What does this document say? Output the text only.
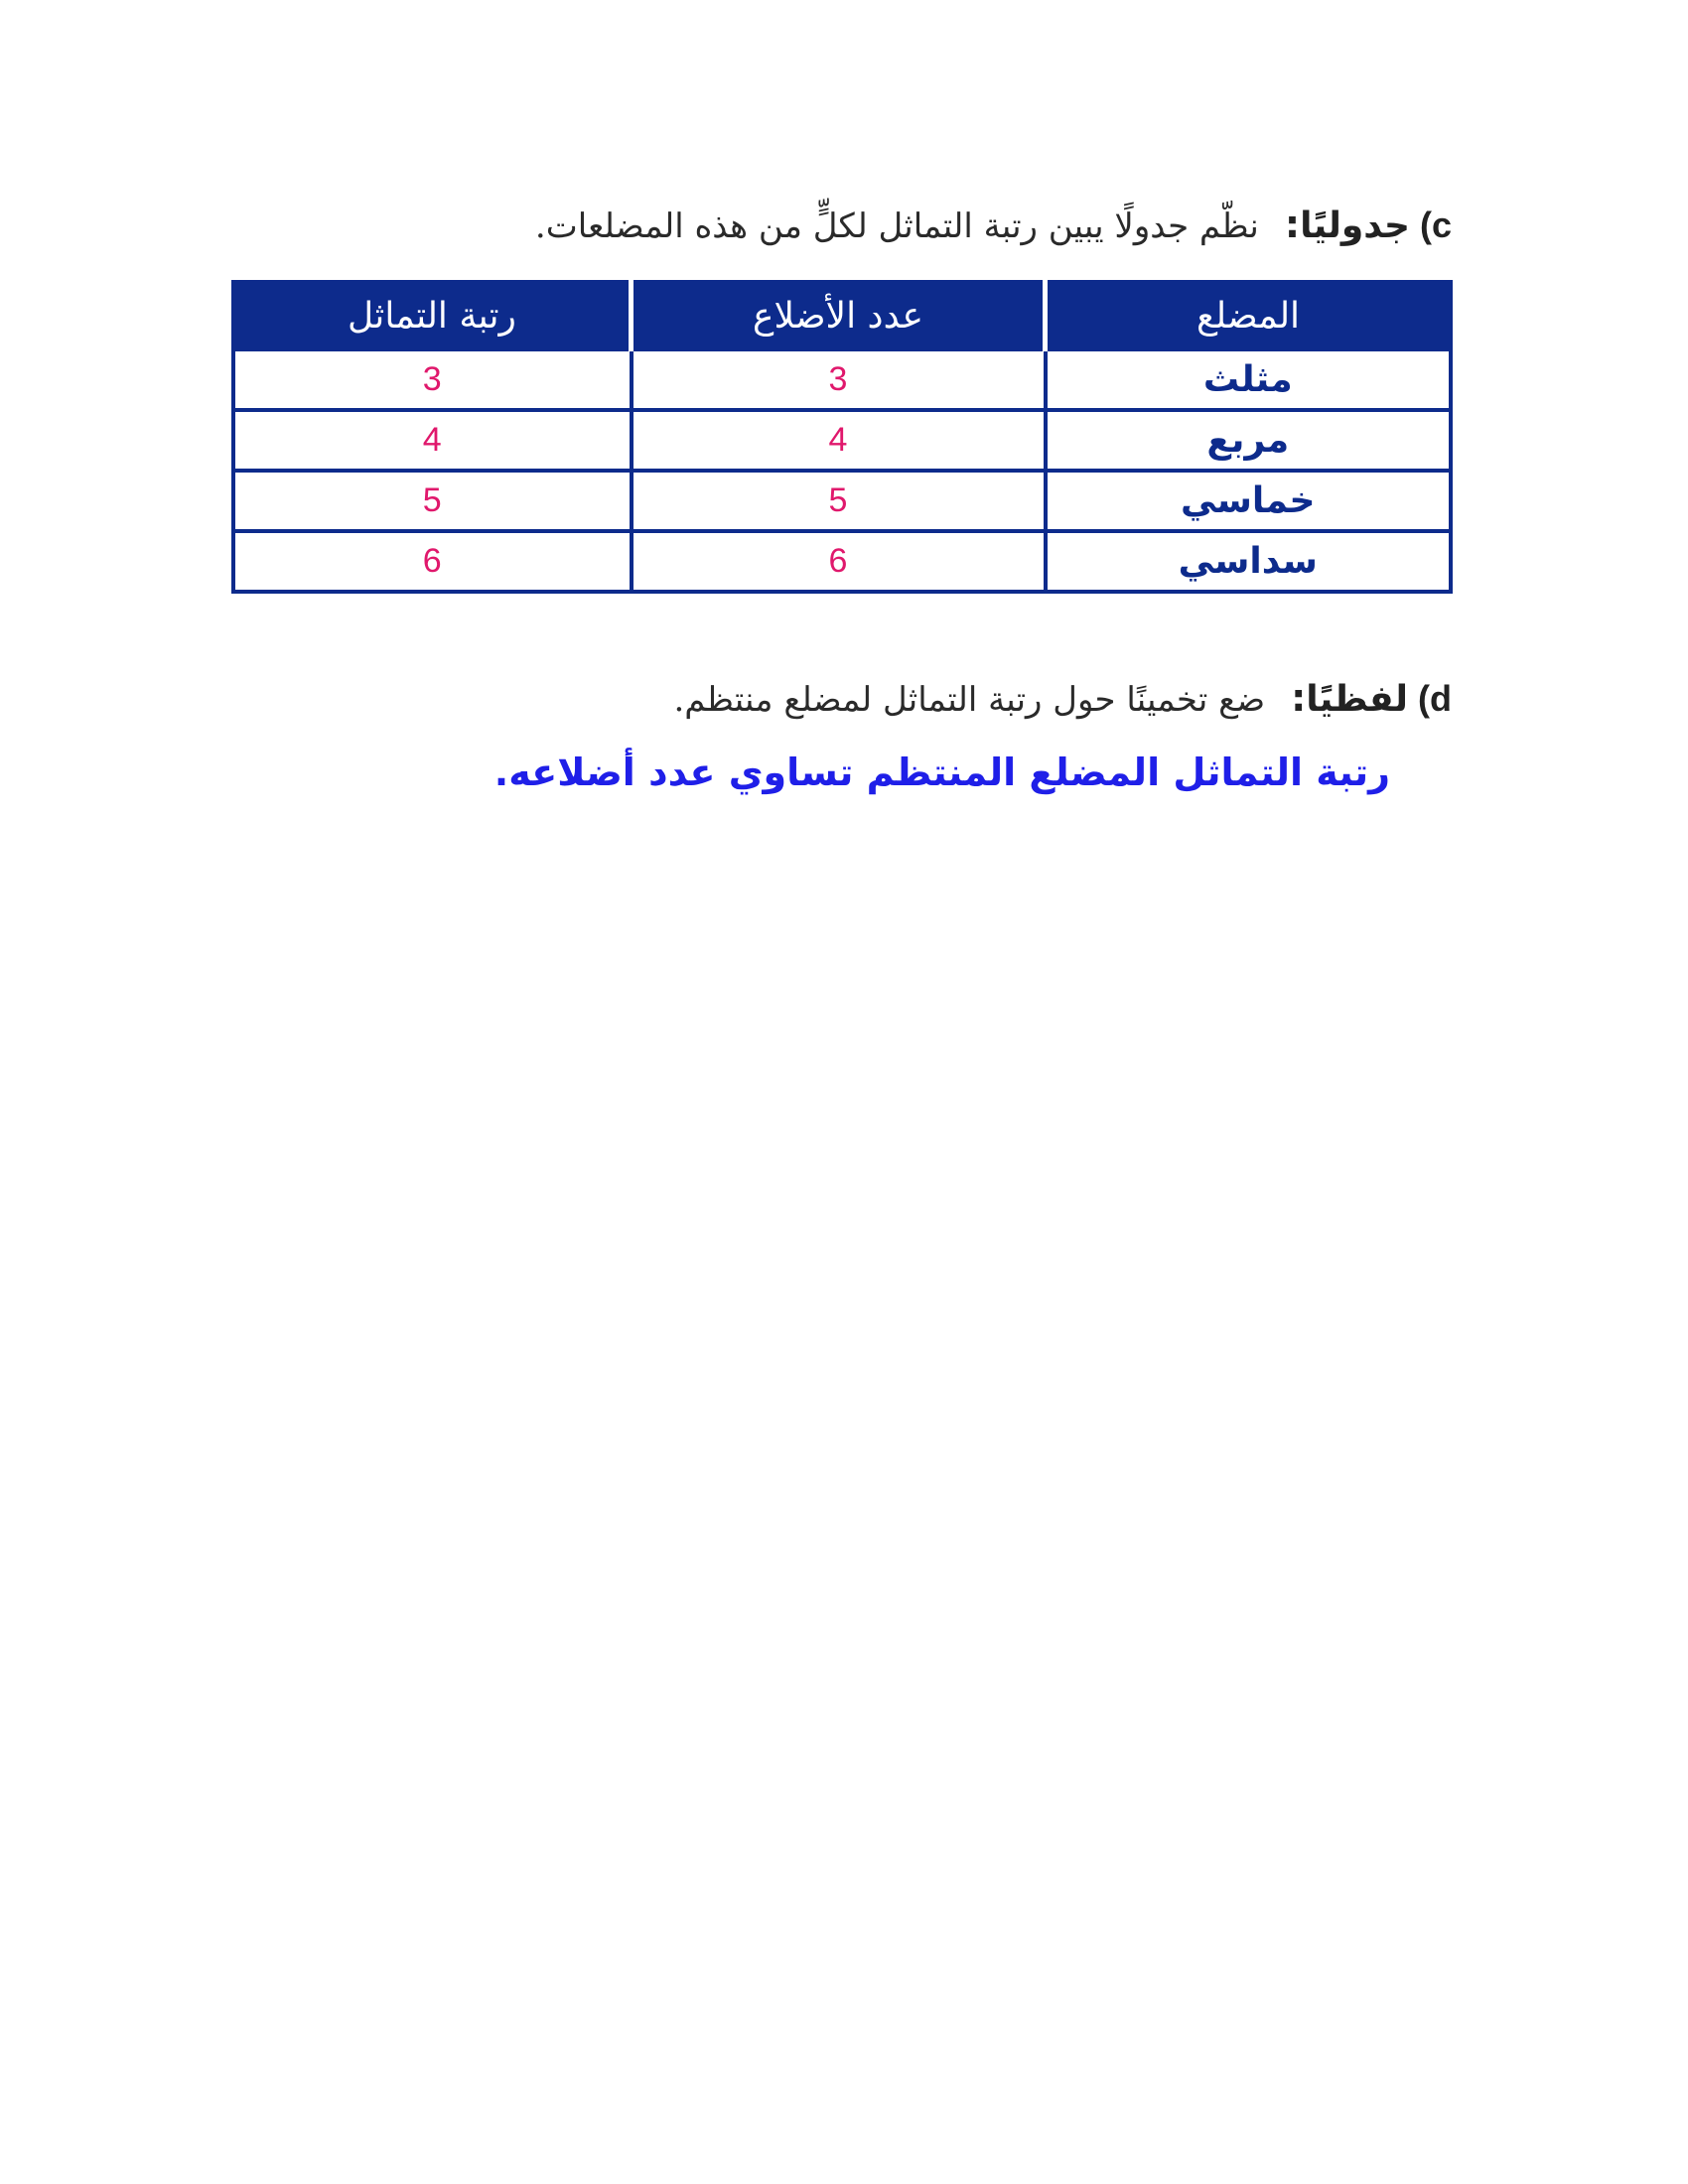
c)جدوليًا:نظّم جدولًا يبين رتبة التماثل لكلٍّ من هذه المضلعات.
المضلع	عدد الأضلاع	رتبة التماثل
مثلث	3	3
مربع	4	4
خماسي	5	5
سداسي	6	6
d)لفظيًا:ضع تخمينًا حول رتبة التماثل لمضلع منتظم.
رتبة التماثل المضلع المنتظم تساوي عدد أضلاعه.
